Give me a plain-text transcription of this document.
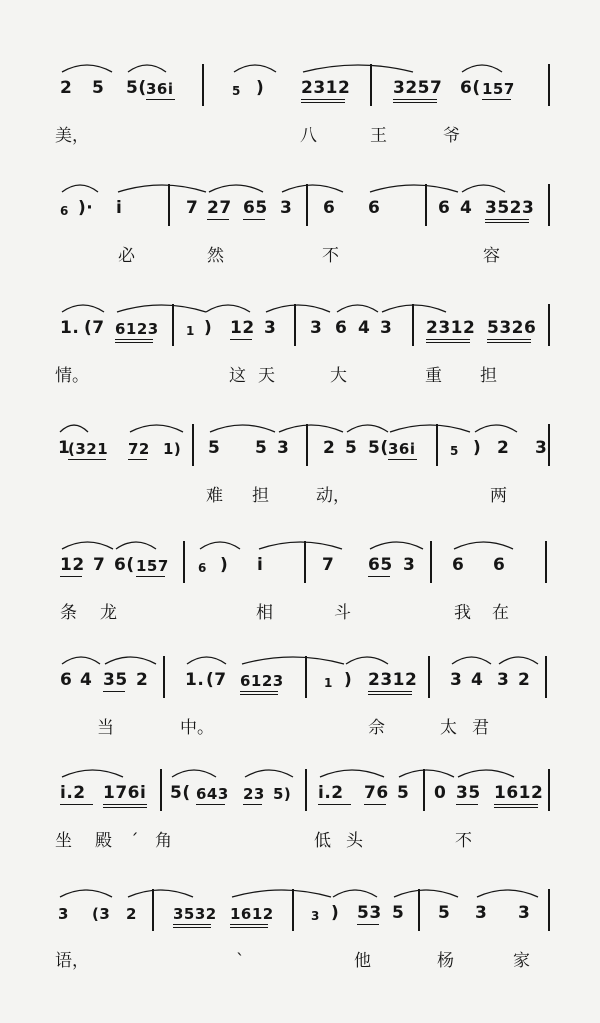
2 5 5( 36i	5 ) 2312	3257 6( 157
美，	八	王	爷
6 )· i	7 27 65 3 6 6	6 4 3523
必	然	不	容
1. (7 6123 1 ) 12 3 3 6 4 3 2312 5326
情。	这 天	大	重 担
1
(321 72 1) 5 5 3 2 5 5( 36i	5 ) 2 3
难 担	动，	两
12 7 6( 157 6 ) i	7 65 3 6 6
条 龙	相	斗	我 在
6 4 35 2 1. (7 6123	1 ) 2312 3 4 3 2
当	中。	佘	太 君
i.2 176i 5( 643 23 5) i.2 76 5 0 35 1612
坐 殿 ˊ 角	低 头	不
3 (3 2 3532 1612	3 ) 53 5 5 3 3
语，	ˋ	他	杨	家
